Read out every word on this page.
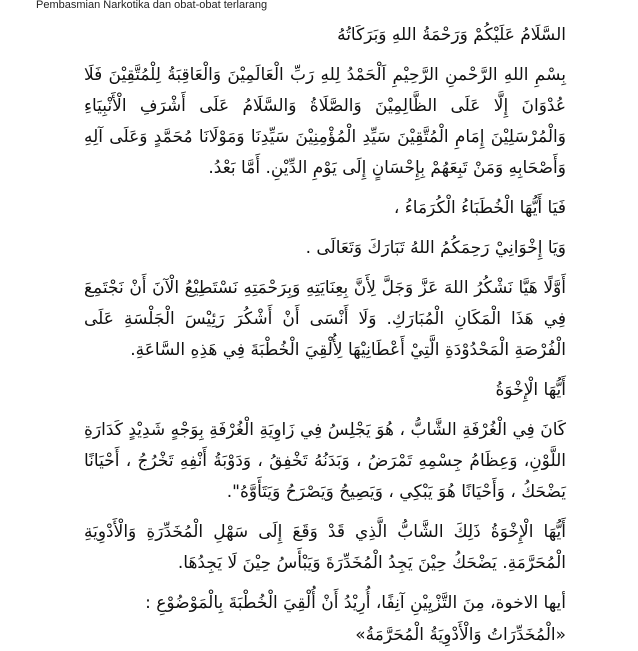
Pembasmian Narkotika dan obat-obat terlarang

السَّلَامُ عَلَيْكُمْ وَرَحْمَةُ اللهِ وَبَرَكَاتُهُ

بِسْمِ اللهِ الرَّحْمنِ الرَّحِيْمِ اَلْحَمْدُ لِلهِ رَبِّ الْعَالَمِيْنَ وَالْعَاقِبَةُ لِلْمُتَّقِيْنَ فَلَا عُدْوَانَ إِلَّا عَلَى الظَّالِمِيْنَ وَالصَّلَاةُ وَالسَّلَامُ عَلَى أَشْرَفِ الْأَنْبِيَاءِ وَالْمُرْسَلِيْنَ إِمَامِ الْمُتَّقِيْنَ سَيِّدِ الْمُؤْمِنِيْنَ سَيِّدِنَا وَمَوْلَانَا مُحَمَّدٍ وَعَلَى آلِهِ وَأَصْحَابِهِ وَمَنْ تَبِعَهُمْ بِإِحْسَانٍ إِلَى يَوْمِ الدِّيْنِ. أَمَّا بَعْدُ.

فَيَا أَيُّهَا الْخُطَبَاءُ الْكُرَمَاءُ ،

وَيَا إِخْوَانِيْ رَحِمَكُمُ اللهُ تَبَارَكَ وَتَعَالَى .

أَوَّلًا هَيَّا نَشْكُرُ اللهَ عَزَّ وَجَلَّ لِأَنَّ بِعِنَايَتِهِ وَبِرَحْمَتِهِ نَسْتَطِيْعُ الْآنَ أَنْ نَجْتَمِعَ فِي هَذَا الْمَكَانِ الْمُبَارَكِ. وَلَا أَنْسَى أَنْ أَشْكُرَ رَئِيْسَ الْجَلْسَةِ عَلَى الْفُرْصَةِ الْمَحْدُوْدَةِ الَّتِيْ أَعْطَانِيْهَا لِأُلْقِيَ الْخُطْبَةَ فِي هَذِهِ السَّاعَةِ.

أَيُّهَا الْإِخْوَةُ

كَانَ فِي الْغُرْفَةِ الشَّابُّ ، هُوَ يَجْلِسُ فِي زَاوِيَةِ الْغُرْفَةِ بِوَجْهٍ شَدِيْدٍ كَدَارَةِ اللَّوْنِ، وَعِظَامُ جِسْمِهِ تَمْرَضُ ، وَبَدَنُهُ تَخْفِقُ ، وَدَوْبَةُ أَنْفِهِ تَخْرُجُ ، أَحْيَانًا يَضْحَكُ ، وَأَحْيَانًا هُوَ يَبْكِي ، وَيَصِيحُ وَيَصْرَحُ وَيَتَأَوَّهُ".

أَيُّهَا الْإِخْوَةُ ذَلِكَ الشَّابُّ الَّذِي قَدْ وَقَعَ إِلَى سَهْلِ الْمُخَدِّرَةِ وَالْأَدْوِيَةِ الْمُحَرَّمَةِ. يَضْحَكُ حِيْنَ يَجِدُ الْمُخَدِّرَةَ وَيَبْأَسُ حِيْنَ لَا يَجِدُهَا.

أيها الاخوة، مِنَ التَّزْيِيْنِ آنِفًا، أُرِيْدُ أَنْ أُلْقِيَ الْخُطْبَةَ بِالْمَوْضُوْعِ :

«الْمُخَدِّرَاتُ وَالْأَدْوِيَةُ الْمُحَرَّمَةُ»
